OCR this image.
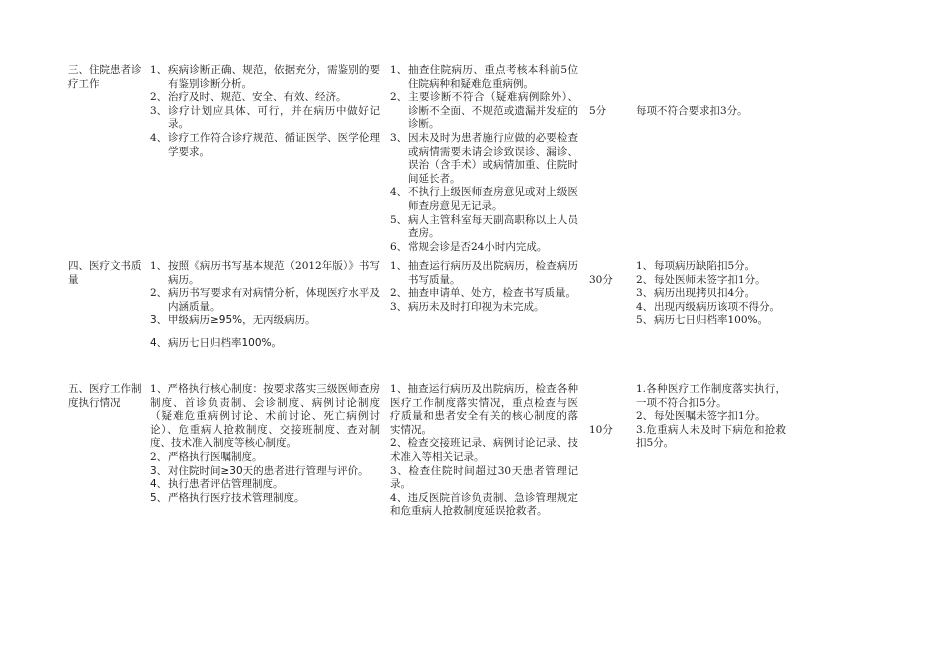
三、住院患者诊疗工作
1、 疾病诊断正确、规范，依据充分，需鉴别的要有鉴别诊断分析。
2、 治疗及时、规范、安全、有效、经济。
3、 诊疗计划应具体、可行，并在病历中做好记录。
4、 诊疗工作符合诊疗规范、循证医学、医学伦理学要求。
1、 抽查住院病历、重点考核本科前5位住院病种和疑难危重病例。
2、 主要诊断不符合（疑难病例除外）、诊断不全面、不规范或遗漏并发症的诊断。
3、 因未及时为患者施行应做的必要检查或病情需要未请会诊致误诊、漏诊、误治（含手术）或病情加重、住院时间延长者。
4、 不执行上级医师查房意见或对上级医师查房意见无记录。
5、 病人主管科室每天副高职称以上人员查房。
6、 常规会诊是否24小时内完成。
5分	每项不符合要求扣3分。
四、医疗文书质量
1、 按照《病历书写基本规范（2012年版）》书写病历。
2、 病历书写要求有对病情分析，体现医疗水平及内涵质量。
3、 甲级病历≥95%，无丙级病历。
4、 病历七日归档率100%。
1、 抽查运行病历及出院病历，检查病历书写质量。
2、 抽查申请单、处方，检查书写质量。
3、 病历未及时打印视为未完成。
30分
1、 每项病历缺陷扣5分。
2、 每处医师未签字扣1分。
3、 病历出现拷贝扣4分。
4、 出现丙级病历该项不得分。
5、 病历七日归档率100%。
五、医疗工作制度执行情况
1、严格执行核心制度：按要求落实三级医师查房制度、首诊负责制、会诊制度、病例讨论制度（疑难危重病例讨论、术前讨论、死亡病例讨论）、危重病人抢救制度、交接班制度、查对制度、技术准入制度等核心制度。
2、 严格执行医嘱制度。
3、 对住院时间≥30天的患者进行管理与评价。
4、 执行患者评估管理制度。
5、 严格执行医疗技术管理制度。
1、抽查运行病历及出院病历，检查各种医疗工作制度落实情况，重点检查与医疗质量和患者安全有关的核心制度的落实情况。
2、检查交接班记录、病例讨论记录、技术准入等相关记录。
3、检查住院时间超过30天患者管理记录。
4、违反医院首诊负责制、急诊管理规定和危重病人抢救制度延误抢救者。
10分
1.各种医疗工作制度落实执行，一项不符合扣5分。
2、 每处医嘱未签字扣1分。
3.危重病人未及时下病危和抢救扣5分。
